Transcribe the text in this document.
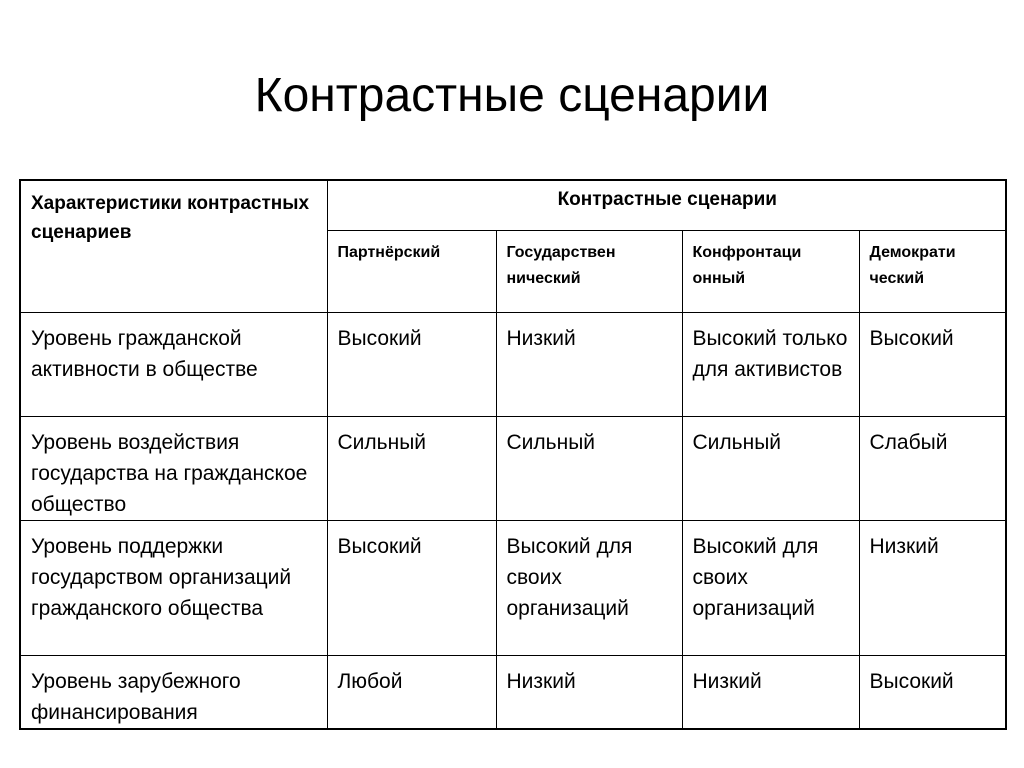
Контрастные сценарии
Характеристики контрастных сценариев	Контрастные сценарии			
	Партнёрский	Государствен нический	Конфронтаци онный	Демократи ческий
Уровень гражданской активности в обществе	Высокий	Низкий	Высокий только для активистов	Высокий
Уровень воздействия государства на гражданское общество	Сильный	Сильный	Сильный	Слабый
Уровень поддержки государством организаций гражданского общества	Высокий	Высокий для своих организаций	Высокий для своих организаций	Низкий
Уровень зарубежного финансирования	Любой	Низкий	Низкий	Высокий
